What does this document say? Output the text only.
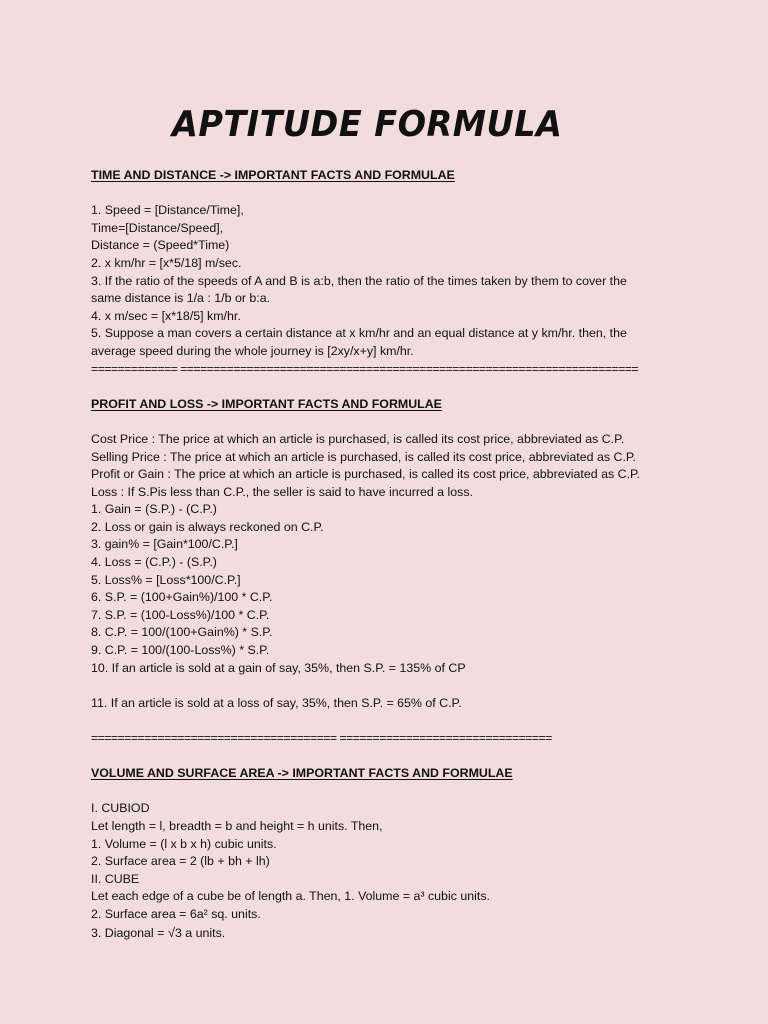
APTITUDE FORMULA
TIME AND DISTANCE -> IMPORTANT FACTS AND FORMULAE
1. Speed = [Distance/Time],
Time=[Distance/Speed],
Distance = (Speed*Time)
2. x km/hr = [x*5/18] m/sec.
3. If the ratio of the speeds of A and B is a:b, then the ratio of the times taken by them to cover the
same distance is 1/a : 1/b or b:a.
4. x m/sec = [x*18/5] km/hr.
5. Suppose a man covers a certain distance at x km/hr and an equal distance at y km/hr. then, the
average speed during the whole journey is [2xy/x+y] km/hr.
============= =====================================================================
PROFIT AND LOSS -> IMPORTANT FACTS AND FORMULAE
Cost Price : The price at which an article is purchased, is called its cost price, abbreviated as C.P.
Selling Price : The price at which an article is purchased, is called its cost price, abbreviated as C.P.
Profit or Gain : The price at which an article is purchased, is called its cost price, abbreviated as C.P.
Loss : If S.Pis less than C.P., the seller is said to have incurred a loss.
1. Gain = (S.P.) - (C.P.)
2. Loss or gain is always reckoned on C.P.
3. gain% = [Gain*100/C.P.]
4. Loss = (C.P.) - (S.P.)
5. Loss% = [Loss*100/C.P.]
6. S.P. = (100+Gain%)/100 * C.P.
7. S.P. = (100-Loss%)/100 * C.P.
8. C.P. = 100/(100+Gain%) * S.P.
9. C.P. = 100/(100-Loss%) * S.P.
10. If an article is sold at a gain of say, 35%, then S.P. = 135% of CP
11. If an article is sold at a loss of say, 35%, then S.P. = 65% of C.P.
===================================== ================================
VOLUME AND SURFACE AREA -> IMPORTANT FACTS AND FORMULAE
I. CUBIOD
Let length = l, breadth = b and height = h units. Then,
1. Volume = (l x b x h) cubic units.
2. Surface area = 2 (lb + bh + lh)
II. CUBE
Let each edge of a cube be of length a. Then, 1. Volume = a³ cubic units.
2. Surface area = 6a² sq. units.
3. Diagonal = √3 a units.
